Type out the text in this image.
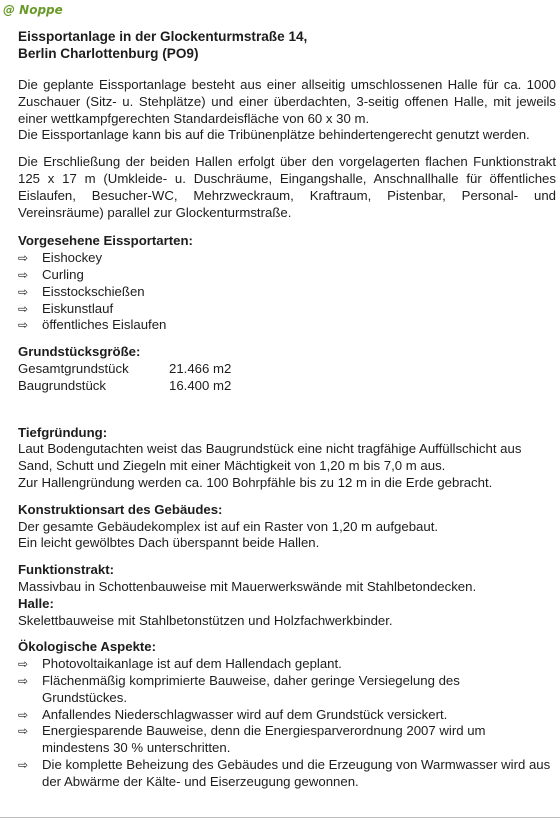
@ Noppe
Eissportanlage in der Glockenturmstraße 14,
Berlin Charlottenburg (PO9)

Die geplante Eissportanlage besteht aus einer allseitig umschlossenen Halle für ca. 1000 Zuschauer (Sitz- u. Stehplätze) und einer überdachten, 3-seitig offenen Halle, mit jeweils einer wettkampfgerechten Standardeisfläche von 60 x 30 m.

Die Eissportanlage kann bis auf die Tribünenplätze behindertengerecht genutzt werden.

Die Erschließung der beiden Hallen erfolgt über den vorgelagerten flachen Funktionstrakt 125 x 17 m (Umkleide- u. Duschräume, Eingangshalle, Anschnallhalle für öffentliches Eislaufen, Besucher-WC, Mehrzweckraum, Kraftraum, Pistenbar, Personal- und Vereinsräume) parallel zur Glockenturmstraße.

Vorgesehene Eissportarten:
⇨ Eishockey
⇨ Curling
⇨ Eisstockschießen
⇨ Eiskunstlauf
⇨ öffentliches Eislaufen
Grundstücksgröße:
Gesamtgrundstück	21.466 m2
Baugrundstück	16.400 m2
Tiefgründung:

Laut Bodengutachten weist das Baugrundstück eine nicht tragfähige Auffüllschicht aus Sand, Schutt und Ziegeln mit einer Mächtigkeit von 1,20 m bis 7,0 m aus.

Zur Hallengründung werden ca. 100 Bohrpfähle bis zu 12 m in die Erde gebracht.

Konstruktionsart des Gebäudes:

Der gesamte Gebäudekomplex ist auf ein Raster von 1,20 m aufgebaut.

Ein leicht gewölbtes Dach überspannt beide Hallen.

Funktionstrakt:

Massivbau in Schottenbauweise mit Mauerwerkswände mit Stahlbetondecken.

Halle:

Skelettbauweise mit Stahlbetonstützen und Holzfachwerkbinder.

Ökologische Aspekte:
⇨ Photovoltaikanlage ist auf dem Hallendach geplant.
⇨ Flächenmäßig komprimierte Bauweise, daher geringe Versiegelung des Grundstückes.
⇨ Anfallendes Niederschlagwasser wird auf dem Grundstück versickert.
⇨ Energiesparende Bauweise, denn die Energiesparverordnung 2007 wird um mindestens 30 % unterschritten.
⇨ Die komplette Beheizung des Gebäudes und die Erzeugung von Warmwasser wird aus der Abwärme der Kälte- und Eiserzeugung gewonnen.
